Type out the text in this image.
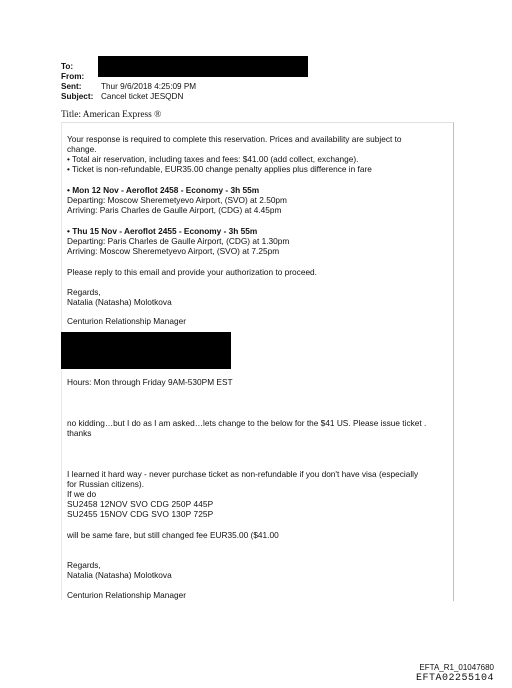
To:
From:
Sent: Thur 9/6/2018 4:25:09 PM
Subject: Cancel ticket JESQDN
Title: American Express ®
Your response is required to complete this reservation. Prices and availability are subject to
change.
• Total air reservation, including taxes and fees: $41.00 (add collect, exchange).
• Ticket is non-refundable, EUR35.00 change penalty applies plus difference in fare
• Mon 12 Nov - Aeroflot 2458 - Economy - 3h 55m
Departing: Moscow Sheremetyevo Airport, (SVO) at 2.50pm
Arriving: Paris Charles de Gaulle Airport, (CDG) at 4.45pm
• Thu 15 Nov - Aeroflot 2455 - Economy - 3h 55m
Departing: Paris Charles de Gaulle Airport, (CDG) at 1.30pm
Arriving: Moscow Sheremetyevo Airport, (SVO) at 7.25pm
Please reply to this email and provide your authorization to proceed.
Regards,
Natalia (Natasha) Molotkova
Centurion Relationship Manager
Hours: Mon through Friday 9AM-530PM EST
no kidding…but I do as I am asked…lets change to the below for the $41 US. Please issue ticket .
thanks
I learned it hard way - never purchase ticket as non-refundable if you don't have visa (especially
for Russian citizens).
If we do
SU2458 12NOV SVO CDG 250P 445P
SU2455 15NOV CDG SVO 130P 725P
will be same fare, but still changed fee EUR35.00 ($41.00
Regards,
Natalia (Natasha) Molotkova
Centurion Relationship Manager
EFTA_R1_01047680
EFTA02255104
